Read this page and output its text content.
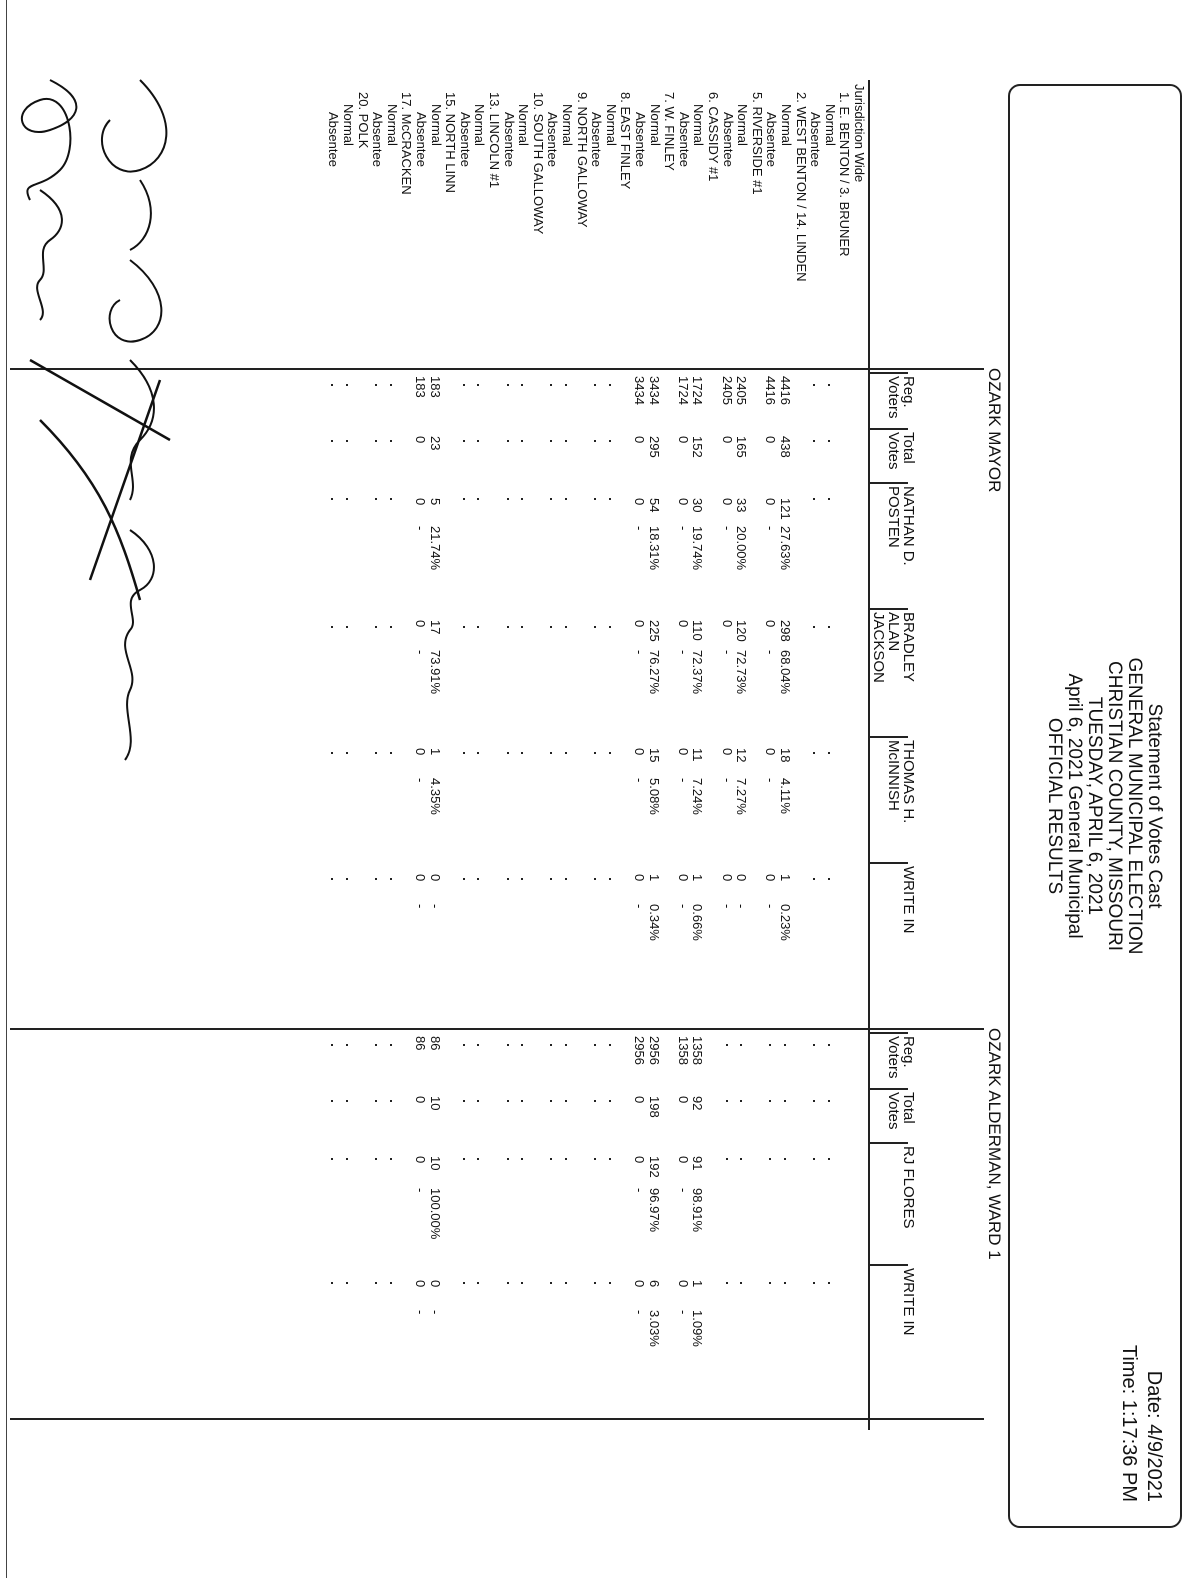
Statement of Votes Cast
GENERAL MUNICIPAL ELECTION
CHRISTIAN COUNTY, MISSOURI
TUESDAY, APRIL 6, 2021
April 6, 2021 General Municipal
OFFICIAL RESULTS
Date: 4/9/2021
Time: 1:17:36 PM
OZARK MAYOR
OZARK ALDERMAN, WARD 1
Reg. Voters
Total Votes
NATHAN D. POSTEN
BRADLEY ALAN JACKSON
THOMAS H. McINNISH
WRITE IN
Reg. Voters
Total Votes
RJ FLORES
WRITE IN
Jurisdiction Wide
1. E. BENTON / 3. BRUNER
Normal
Absentee
2. WEST BENTON / 14. LINDEN
Normal
Absentee
5. RIVERSIDE #1
Normal
Absentee
6. CASSIDY #1
Normal
Absentee
7. W. FINLEY
Normal
Absentee
8. EAST FINLEY
Normal
Absentee
9. NORTH GALLOWAY
Normal
Absentee
10. SOUTH GALLOWAY
Normal
Absentee
13. LINCOLN #1
Normal
Absentee
15. NORTH LINN
Normal
Absentee
17. McCRACKEN
Normal
Absentee
20. POLK
Normal
Absentee
4416
438
121
27.63%
298
68.04%
18
4.11%
1
0.23%
4416
0
0
-
0
-
0
-
0
-
2405
165
33
20.00%
120
72.73%
12
7.27%
0
-
2405
0
0
-
0
-
0
-
0
-
1724
152
30
19.74%
110
72.37%
11
7.24%
1
0.66%
1358
92
91
98.91%
1
1.09%
1724
0
0
-
0
-
0
-
0
-
1358
0
0
-
0
-
3434
295
54
18.31%
225
76.27%
15
5.08%
1
0.34%
2956
198
192
96.97%
6
3.03%
3434
0
0
-
0
-
0
-
0
-
2956
0
0
-
0
-
183
23
5
21.74%
17
73.91%
1
4.35%
0
-
86
10
10
100.00%
0
-
183
0
0
-
0
-
0
-
0
-
86
0
0
-
0
-
